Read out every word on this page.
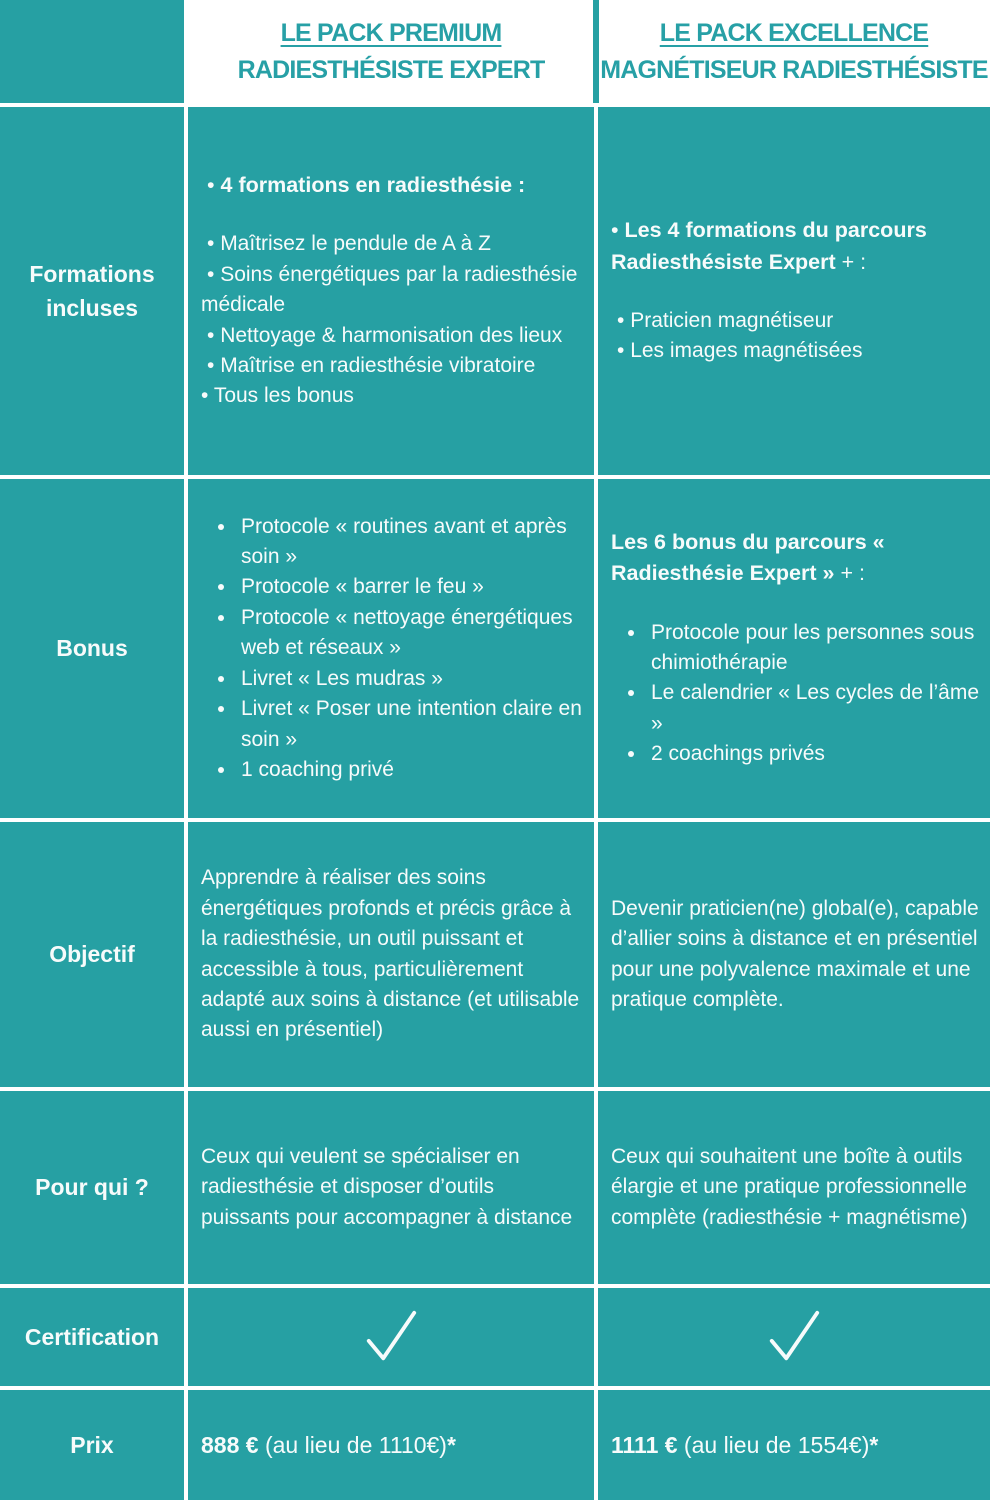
LE PACK PREMIUM
RADIESTHÉSISTE EXPERT
LE PACK EXCELLENCE
MAGNÉTISEUR RADIESTHÉSISTE
Formations incluses

• 4 formations en radiesthésie :

• Maîtrisez le pendule de A à Z

• Soins énergétiques par la radiesthésie médicale

• Nettoyage & harmonisation des lieux

• Maîtrise en radiesthésie vibratoire

• Tous les bonus

• Les 4 formations du parcours Radiesthésiste Expert + :

• Praticien magnétiseur

• Les images magnétisées

Bonus
• Protocole « routines avant et après soin »
• Protocole « barrer le feu »
• Protocole « nettoyage énergétiques web et réseaux »
• Livret « Les mudras »
• Livret « Poser une intention claire en soin »
• 1 coaching privé

Les 6 bonus du parcours « Radiesthésie Expert » + :

• Protocole pour les personnes sous chimiothérapie
• Le calendrier « Les cycles de l’âme »
• 2 coachings privés
Objectif

Apprendre à réaliser des soins énergétiques profonds et précis grâce à la radiesthésie, un outil puissant et accessible à tous, particulièrement adapté aux soins à distance (et utilisable aussi en présentiel)

Devenir praticien(ne) global(e), capable d’allier soins à distance et en présentiel pour une polyvalence maximale et une pratique complète.

Pour qui ?

Ceux qui veulent se spécialiser en radiesthésie et disposer d’outils puissants pour accompagner à distance

Ceux qui souhaitent une boîte à outils élargie et une pratique professionnelle complète (radiesthésie + magnétisme)

Certification
Prix	888 € (au lieu de 1110€)*	1111 € (au lieu de 1554€)*
